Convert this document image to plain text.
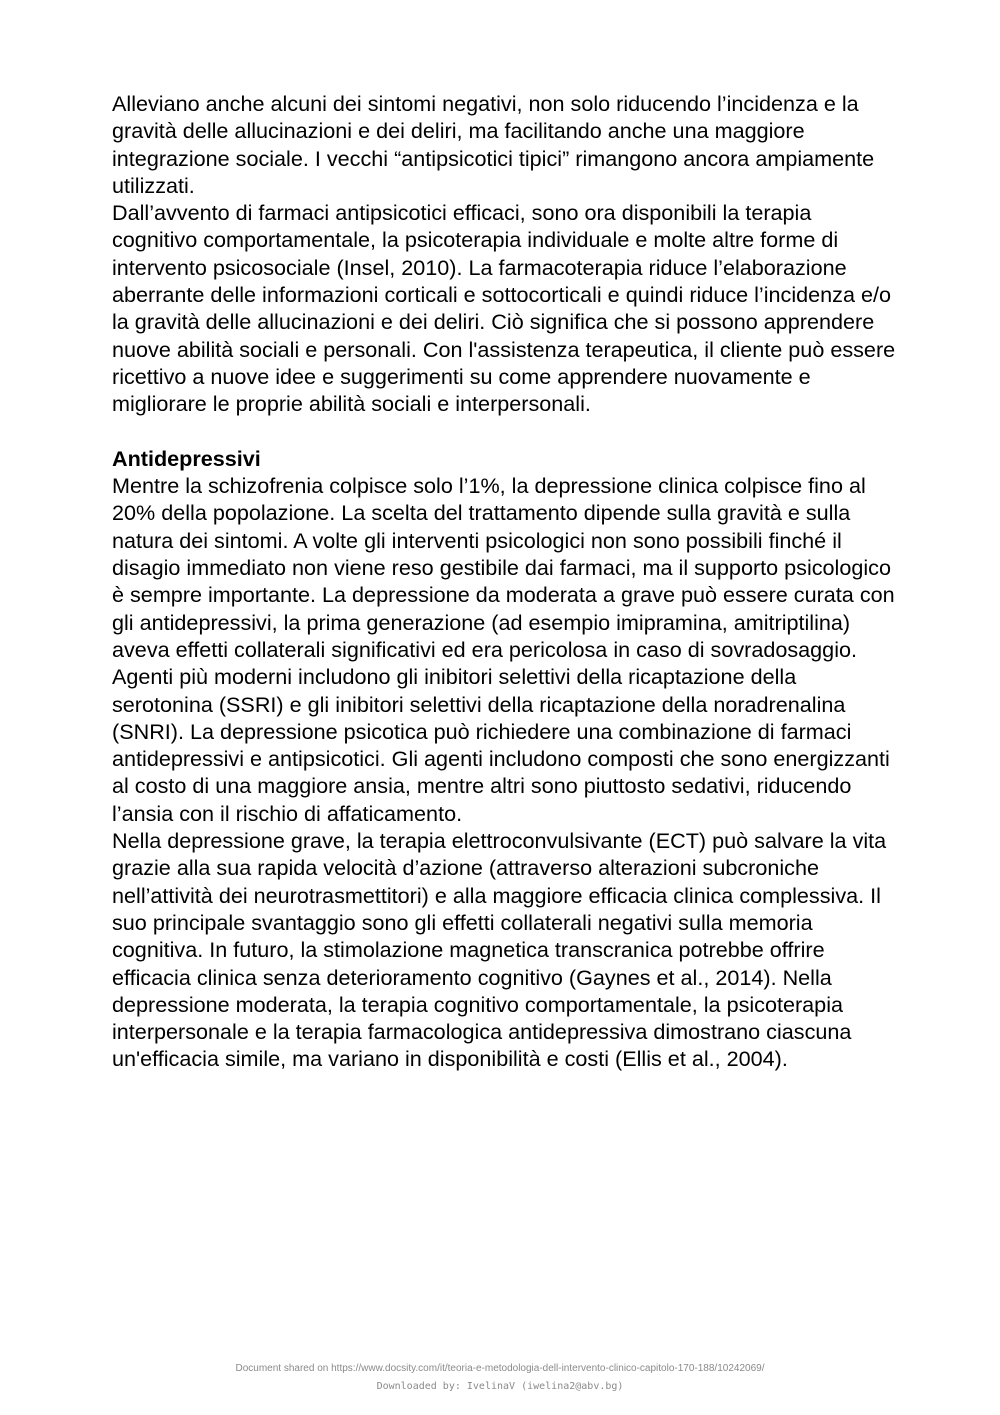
Alleviano anche alcuni dei sintomi negativi, non solo riducendo l’incidenza e la gravità delle allucinazioni e dei deliri, ma facilitando anche una maggiore integrazione sociale. I vecchi “antipsicotici tipici” rimangono ancora ampiamente utilizzati.

Dall’avvento di farmaci antipsicotici efficaci, sono ora disponibili la terapia cognitivo comportamentale, la psicoterapia individuale e molte altre forme di intervento psicosociale (Insel, 2010). La farmacoterapia riduce l’elaborazione aberrante delle informazioni corticali e sottocorticali e quindi riduce l’incidenza e/o la gravità delle allucinazioni e dei deliri. Ciò significa che si possono apprendere nuove abilità sociali e personali. Con l'assistenza terapeutica, il cliente può essere ricettivo a nuove idee e suggerimenti su come apprendere nuovamente e migliorare le proprie abilità sociali e interpersonali.

Antidepressivi

Mentre la schizofrenia colpisce solo l’1%, la depressione clinica colpisce fino al 20% della popolazione. La scelta del trattamento dipende sulla gravità e sulla natura dei sintomi. A volte gli interventi psicologici non sono possibili finché il disagio immediato non viene reso gestibile dai farmaci, ma il supporto psicologico è sempre importante. La depressione da moderata a grave può essere curata con gli antidepressivi, la prima generazione (ad esempio imipramina, amitriptilina) aveva effetti collaterali significativi ed era pericolosa in caso di sovradosaggio. Agenti più moderni includono gli inibitori selettivi della ricaptazione della serotonina (SSRI) e gli inibitori selettivi della ricaptazione della noradrenalina (SNRI). La depressione psicotica può richiedere una combinazione di farmaci antidepressivi e antipsicotici. Gli agenti includono composti che sono energizzanti al costo di una maggiore ansia, mentre altri sono piuttosto sedativi, riducendo l’ansia con il rischio di affaticamento.

Nella depressione grave, la terapia elettroconvulsivante (ECT) può salvare la vita grazie alla sua rapida velocità d’azione (attraverso alterazioni subcroniche nell’attività dei neurotrasmettitori) e alla maggiore efficacia clinica complessiva. Il suo principale svantaggio sono gli effetti collaterali negativi sulla memoria cognitiva. In futuro, la stimolazione magnetica transcranica potrebbe offrire efficacia clinica senza deterioramento cognitivo (Gaynes et al., 2014). Nella depressione moderata, la terapia cognitivo comportamentale, la psicoterapia interpersonale e la terapia farmacologica antidepressiva dimostrano ciascuna un'efficacia simile, ma variano in disponibilità e costi (Ellis et al., 2004).

Document shared on https://www.docsity.com/it/teoria-e-metodologia-dell-intervento-clinico-capitolo-170-188/10242069/
Downloaded by: IvelinaV (iwelina2@abv.bg)
